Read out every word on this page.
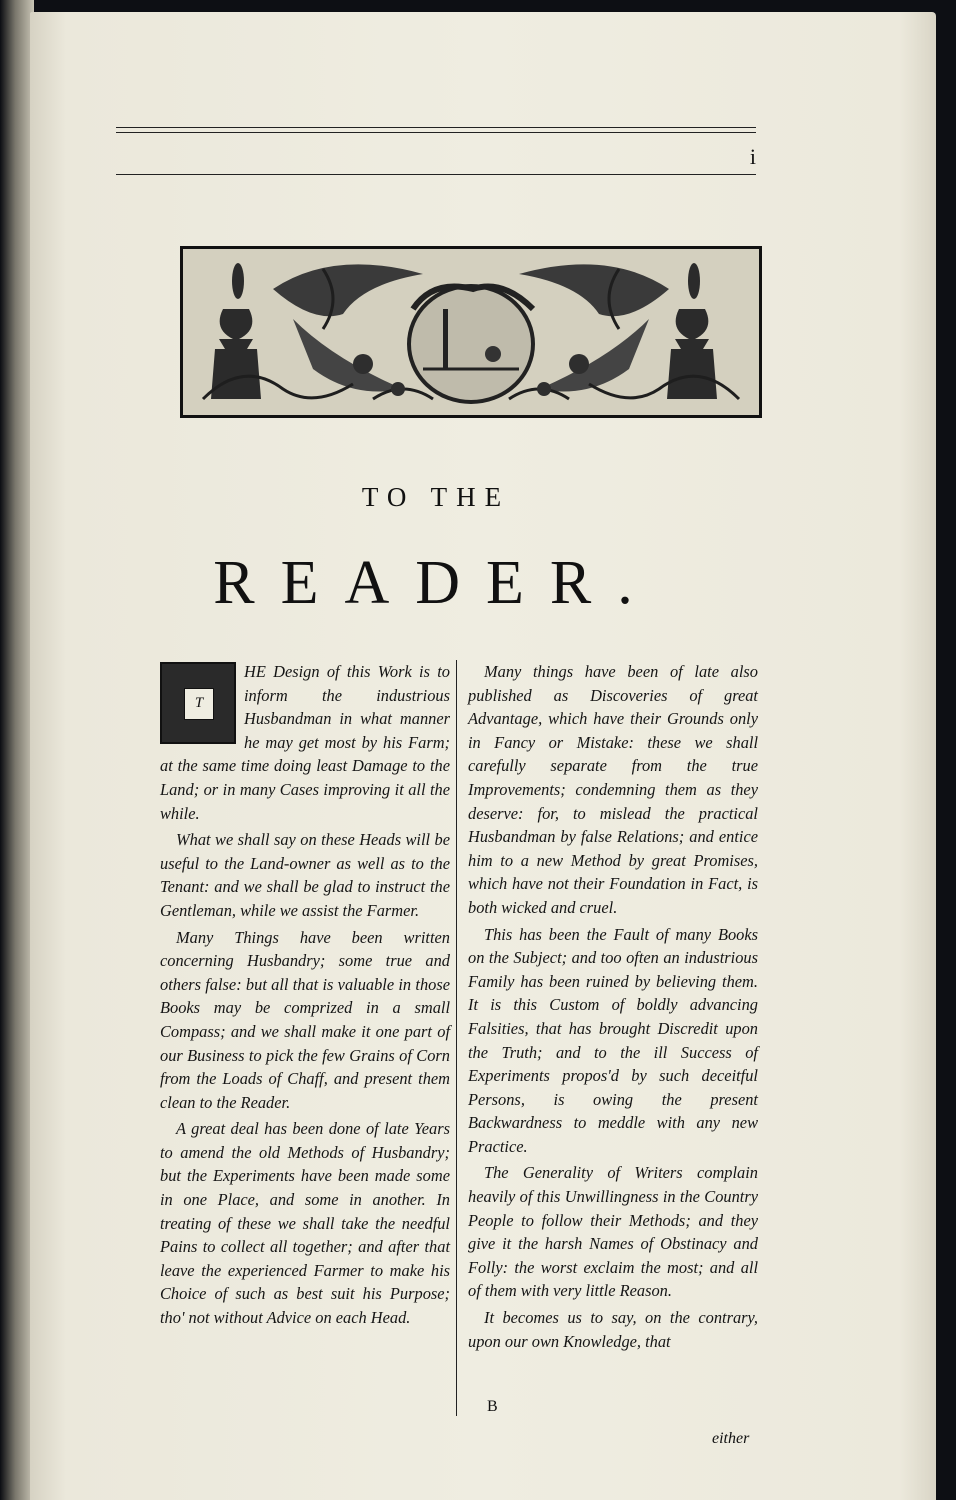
i
TO THE
READER.
T

HE Design of this Work is to inform the industrious Husbandman in what manner he may get most by his Farm; at the same time doing least Damage to the Land; or in many Cases improving it all the while.

What we shall say on these Heads will be useful to the Land-owner as well as to the Tenant: and we shall be glad to instruct the Gentleman, while we assist the Farmer.

Many Things have been written concerning Husbandry; some true and others false: but all that is valuable in those Books may be comprized in a small Compass; and we shall make it one part of our Business to pick the few Grains of Corn from the Loads of Chaff, and present them clean to the Reader.

A great deal has been done of late Years to amend the old Methods of Husbandry; but the Experiments have been made some in one Place, and some in another. In treating of these we shall take the needful Pains to collect all together; and after that leave the experienced Farmer to make his Choice of such as best suit his Purpose; tho' not without Advice on each Head.

Many things have been of late also published as Discoveries of great Advantage, which have their Grounds only in Fancy or Mistake: these we shall carefully separate from the true Improvements; condemning them as they deserve: for, to mislead the practical Husbandman by false Relations; and entice him to a new Method by great Promises, which have not their Foundation in Fact, is both wicked and cruel.

This has been the Fault of many Books on the Subject; and too often an industrious Family has been ruined by believing them. It is this Custom of boldly advancing Falsities, that has brought Discredit upon the Truth; and to the ill Success of Experiments propos'd by such deceitful Persons, is owing the present Backwardness to meddle with any new Practice.

The Generality of Writers complain heavily of this Unwillingness in the Country People to follow their Methods; and they give it the harsh Names of Obstinacy and Folly: the worst exclaim the most; and all of them with very little Reason.

It becomes us to say, on the contrary, upon our own Knowledge, that

B
either
